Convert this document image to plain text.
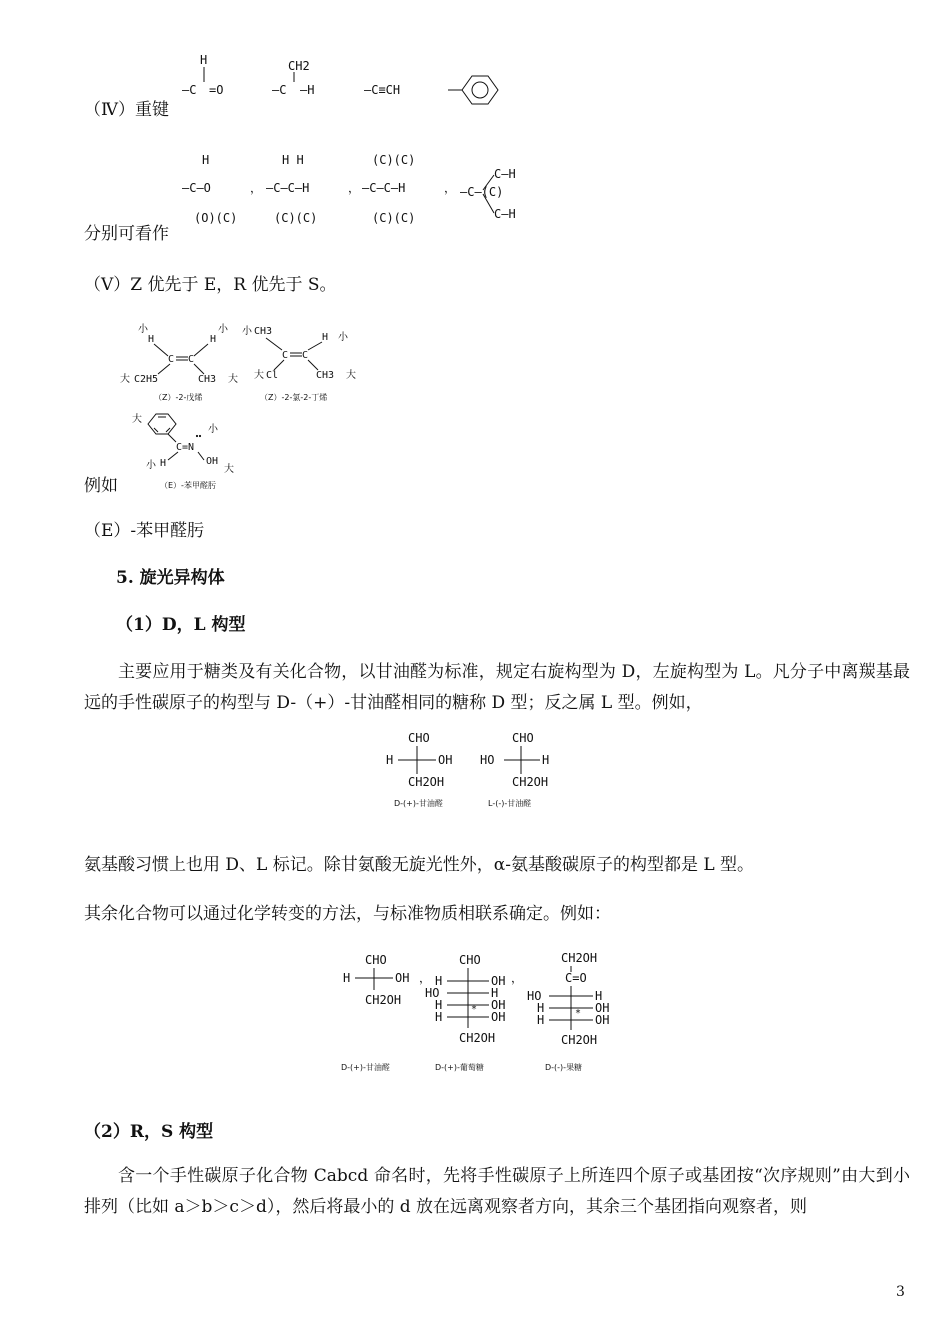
H
—C =O
CH2
—C —H	—C≡CH
（Ⅳ）重键
H
—C—O
(O)(C)
，
H H
—C—C—H
(C)(C)
，
(C)(C)
—C—C—H
(C)(C)
，
C—H
—C—(C)
C—H
分别可看作
（Ⅴ）Z 优先于 E，R 优先于 S。
小
H	H
小
C C
大 C2H5	CH3 大
（Z）-2-戊烯
小 CH3
H 小
C C
大 Cl	CH3 大
（Z）-2-氯-2-丁烯
大
C=N
小
小 H	OH
大
（E）-苯甲醛肟
例如
（E）-苯甲醛肟
5. 旋光异构体
（1）D，L 构型
主要应用于糖类及有关化合物，以甘油醛为标准，规定右旋构型为 D，左旋构型为 L。凡分子中离羰基最远的手性碳原子的构型与 D-（+）-甘油醛相同的糖称 D 型；反之属 L 型。例如，
CHO
H	OH
CH2OH
D-(+)-甘油醛
CHO
HO	H
CH2OH
L-(-)-甘油醛
氨基酸习惯上也用 D、L 标记。除甘氨酸无旋光性外，α-氨基酸碳原子的构型都是 L 型。
其余化合物可以通过化学转变的方法，与标准物质相联系确定。例如：
CHO
H	OH
CH2OH
，
D-(+)-甘油醛
CHO
H	OH
HO	H
H	OH
H	OH
*
CH2OH
，
D-(+)-葡萄糖
CH2OH
C=O
HO	H
H	OH
H	OH
*
CH2OH
D-(-)-果糖
（2）R，S 构型
含一个手性碳原子化合物 Cabcd 命名时，先将手性碳原子上所连四个原子或基团按“次序规则”由大到小排列（比如 a＞b＞c＞d），然后将最小的 d 放在远离观察者方向，其余三个基团指向观察者，则
3
